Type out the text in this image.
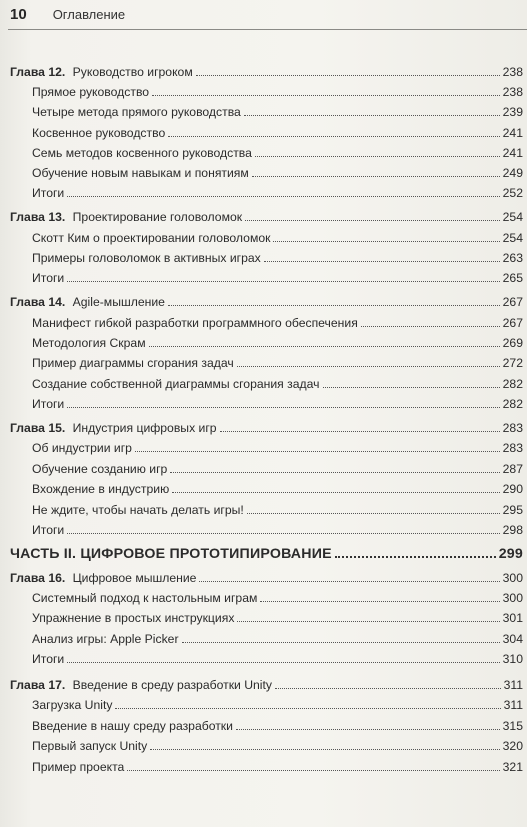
10 Оглавление
Глава 12. Руководство игроком	238
Прямое руководство	238
Четыре метода прямого руководства	239
Косвенное руководство	241
Семь методов косвенного руководства	241
Обучение новым навыкам и понятиям	249
Итоги	252
Глава 13. Проектирование головоломок	254
Скотт Ким о проектировании головоломок	254
Примеры головоломок в активных играх	263
Итоги	265
Глава 14. Agile-мышление	267
Манифест гибкой разработки программного обеспечения	267
Методология Скрам	269
Пример диаграммы сгорания задач	272
Создание собственной диаграммы сгорания задач	282
Итоги	282
Глава 15. Индустрия цифровых игр	283
Об индустрии игр	283
Обучение созданию игр	287
Вхождение в индустрию	290
Не ждите, чтобы начать делать игры!	295
Итоги	298
ЧАСТЬ II. ЦИФРОВОЕ ПРОТОТИПИРОВАНИЕ	299
Глава 16. Цифровое мышление	300
Системный подход к настольным играм	300
Упражнение в простых инструкциях	301
Анализ игры: Apple Picker	304
Итоги	310
Глава 17. Введение в среду разработки Unity	311
Загрузка Unity	311
Введение в нашу среду разработки	315
Первый запуск Unity	320
Пример проекта	321
